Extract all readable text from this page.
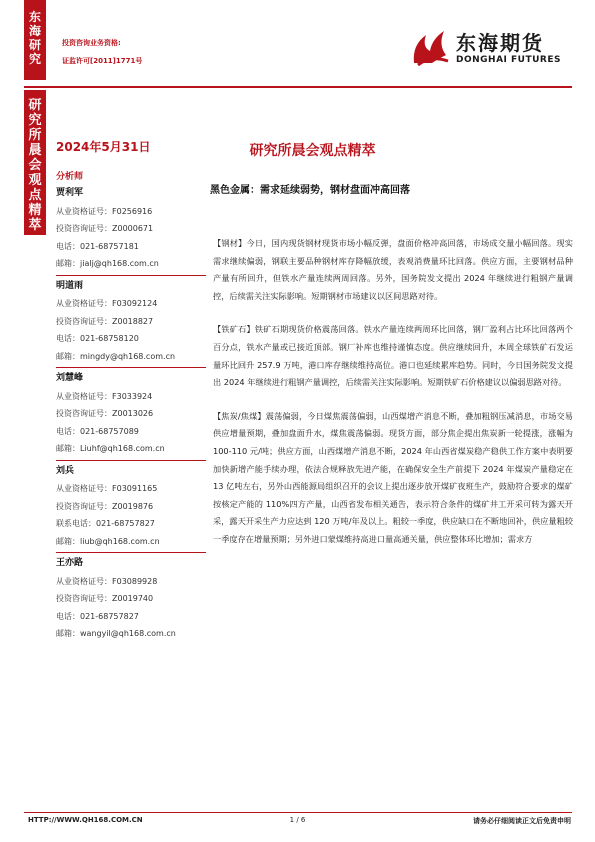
东
海
研
究
研
究
所
晨
会
观
点
精
萃
投资咨询业务资格:
证监许可[2011]1771号
东海期货
DONGHAI FUTURES
2024年5月31日	研究所晨会观点精萃
分析师
贾利军
从业资格证号：F0256916
投资咨询证号：Z0000671
电话：021-68757181
邮箱：jialj@qh168.com.cn
明道雨
从业资格证号：F03092124
投资咨询证号：Z0018827
电话：021-68758120
邮箱：mingdy@qh168.com.cn
刘慧峰
从业资格证号：F3033924
投资咨询证号：Z0013026
电话：021-68757089
邮箱：Liuhf@qh168.com.cn
刘兵
从业资格证号：F03091165
投资咨询证号：Z0019876
联系电话：021-68757827
邮箱：liub@qh168.com.cn
王亦路
从业资格证号：F03089928
投资咨询证号：Z0019740
电话：021-68757827
邮箱：wangyil@qh168.com.cn
黑色金属：需求延续弱势，钢材盘面冲高回落

【钢材】今日，国内现货钢材现货市场小幅反弹，盘面价格冲高回落，市场成交量小幅回落。现实需求继续偏弱，钢联主要品种钢材库存降幅放缓，表观消费量环比回落。供应方面，主要钢材品种产量有所回升，但铁水产量连续两周回落。另外，国务院发文提出 2024 年继续进行粗钢产量调控，后续需关注实际影响。短期钢材市场建议以区间思路对待。

【铁矿石】铁矿石期现货价格震荡回落。铁水产量连续两周环比回落，钢厂盈利占比环比回落两个百分点，铁水产量或已接近顶部。钢厂补库也维持谨慎态度。供应继续回升，本周全球铁矿石发运量环比回升 257.9 万吨，港口库存继续维持高位。港口也延续累库趋势。同时，今日国务院发文提出 2024 年继续进行粗钢产量调控，后续需关注实际影响。短期铁矿石价格建议以偏弱思路对待。

【焦炭/焦煤】震荡偏弱，今日煤焦震荡偏弱，山西煤增产消息不断，叠加粗钢压减消息，市场交易供应增量预期，叠加盘面升水，煤焦震荡偏弱。现货方面，部分焦企提出焦炭新一轮提涨，涨幅为 100-110 元/吨；供应方面，山西煤增产消息不断，2024 年山西省煤炭稳产稳供工作方案中表明要加快新增产能手续办理，依法合规释放先进产能，在确保安全生产前提下 2024 年煤炭产量稳定在 13 亿吨左右，另外山西能源局组织召开的会议上提出逐步放开煤矿夜班生产，鼓励符合要求的煤矿按核定产能的 110%四方产量，山西省发布相关通告，表示符合条件的煤矿井工开采可转为露天开采，露天开采生产力应达到 120 万吨/年及以上。粗较一季度，供应缺口在不断地回补，供应量粗较一季度存在增量预期；另外进口蒙煤维持高进口量高通关量，供应整体环比增加；需求方

HTTP://WWW.QH168.COM.CN	1 / 6	请务必仔细阅读正文后免责申明
